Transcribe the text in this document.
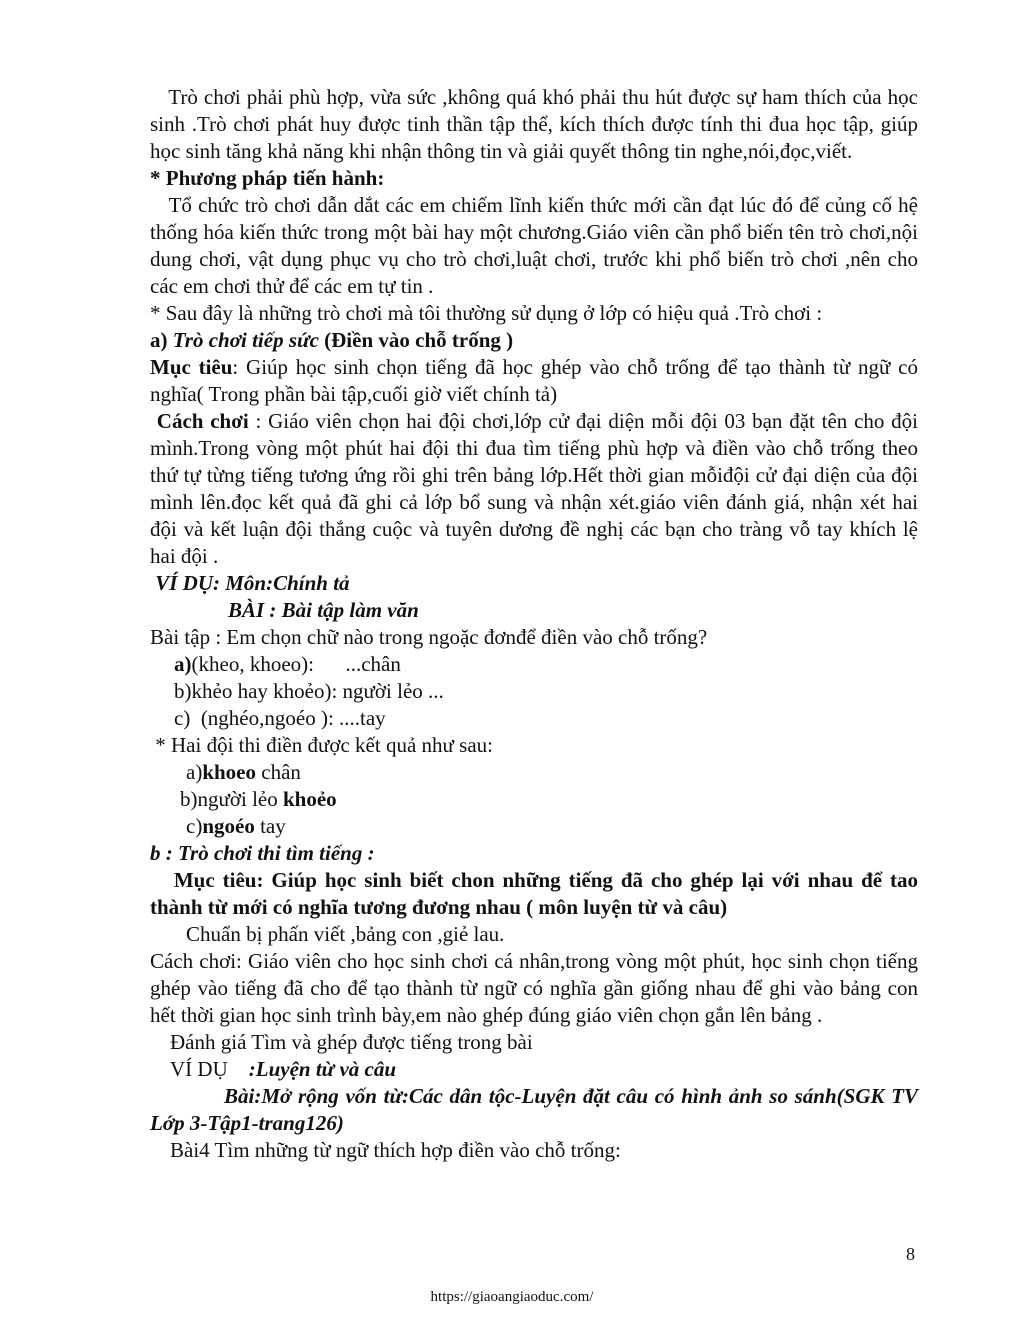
Trò chơi phải phù hợp, vừa sức ,không quá khó phải thu hút được sự ham thích của học sinh .Trò chơi phát huy được tinh thần tập thể, kích thích được tính thi đua học tập, giúp học sinh tăng khả năng khi nhận thông tin và giải quyết thông tin nghe,nói,đọc,viết.

* Phương pháp tiến hành:

Tổ chức trò chơi dẫn dắt các em chiếm lĩnh kiến thức mới cần đạt lúc đó để củng cố hệ thống hóa kiến thức trong một bài hay một chương.Giáo viên cần phổ biến tên trò chơi,nội dung chơi, vật dụng phục vụ cho trò chơi,luật chơi, trước khi phổ biến trò chơi ,nên cho các em chơi thử để các em tự tin .

* Sau đây là những trò chơi mà tôi thường sử dụng ở lớp có hiệu quả .Trò chơi :

a) Trò chơi tiếp sức (Điền vào chỗ trống )

Mục tiêu: Giúp học sinh chọn tiếng đã học ghép vào chỗ trống để tạo thành từ ngữ có nghĩa( Trong phần bài tập,cuối giờ viết chính tả)

Cách chơi : Giáo viên chọn hai đội chơi,lớp cử đại diện mỗi đội 03 bạn đặt tên cho đội mình.Trong vòng một phút hai đội thi đua tìm tiếng phù hợp và điền vào chỗ trống theo thứ tự từng tiếng tương ứng rồi ghi trên bảng lớp.Hết thời gian mỗiđội cử đại diện của đội mình lên.đọc kết quả đã ghi cả lớp bổ sung và nhận xét.giáo viên đánh giá, nhận xét hai đội và kết luận đội thắng cuộc và tuyên dương đề nghị các bạn cho tràng vỗ tay khích lệ hai đội .

VÍ DỤ: Môn:Chính tả

BÀI : Bài tập làm văn

Bài tập : Em chọn chữ nào trong ngoặc đơnđể điền vào chỗ trống?

a)(kheo, khoeo):      ...chân

b)khẻo hay khoẻo): người lẻo ...

c)  (nghéo,ngoéo ): ....tay

* Hai đội thi điền được kết quả như sau:

a)khoeo chân

b)người lẻo khoẻo

c)ngoéo tay

b : Trò chơi thi tìm tiếng :

Mục tiêu: Giúp học sinh biết chon những tiếng đã cho ghép lại với nhau để tao thành từ mới có nghĩa tương đương nhau ( môn luyện từ và câu)

Chuẩn bị phấn viết ,bảng con ,giẻ lau.

Cách chơi: Giáo viên cho học sinh chơi cá nhân,trong vòng một phút, học sinh chọn tiếng ghép vào tiếng đã cho để tạo thành từ ngữ có nghĩa gần giống nhau để ghi vào bảng con hết thời gian học sinh trình bày,em nào ghép đúng giáo viên chọn gắn lên bảng .

Đánh giá Tìm và ghép được tiếng trong bài

VÍ DỤ    :Luyện từ và câu

Bài:Mở rộng vốn từ:Các dân tộc-Luyện đặt câu có hình ảnh so sánh(SGK TV Lớp 3-Tập1-trang126)

Bài4 Tìm những từ ngữ thích hợp điền vào chỗ trống:

8
https://giaoangiaoduc.com/
